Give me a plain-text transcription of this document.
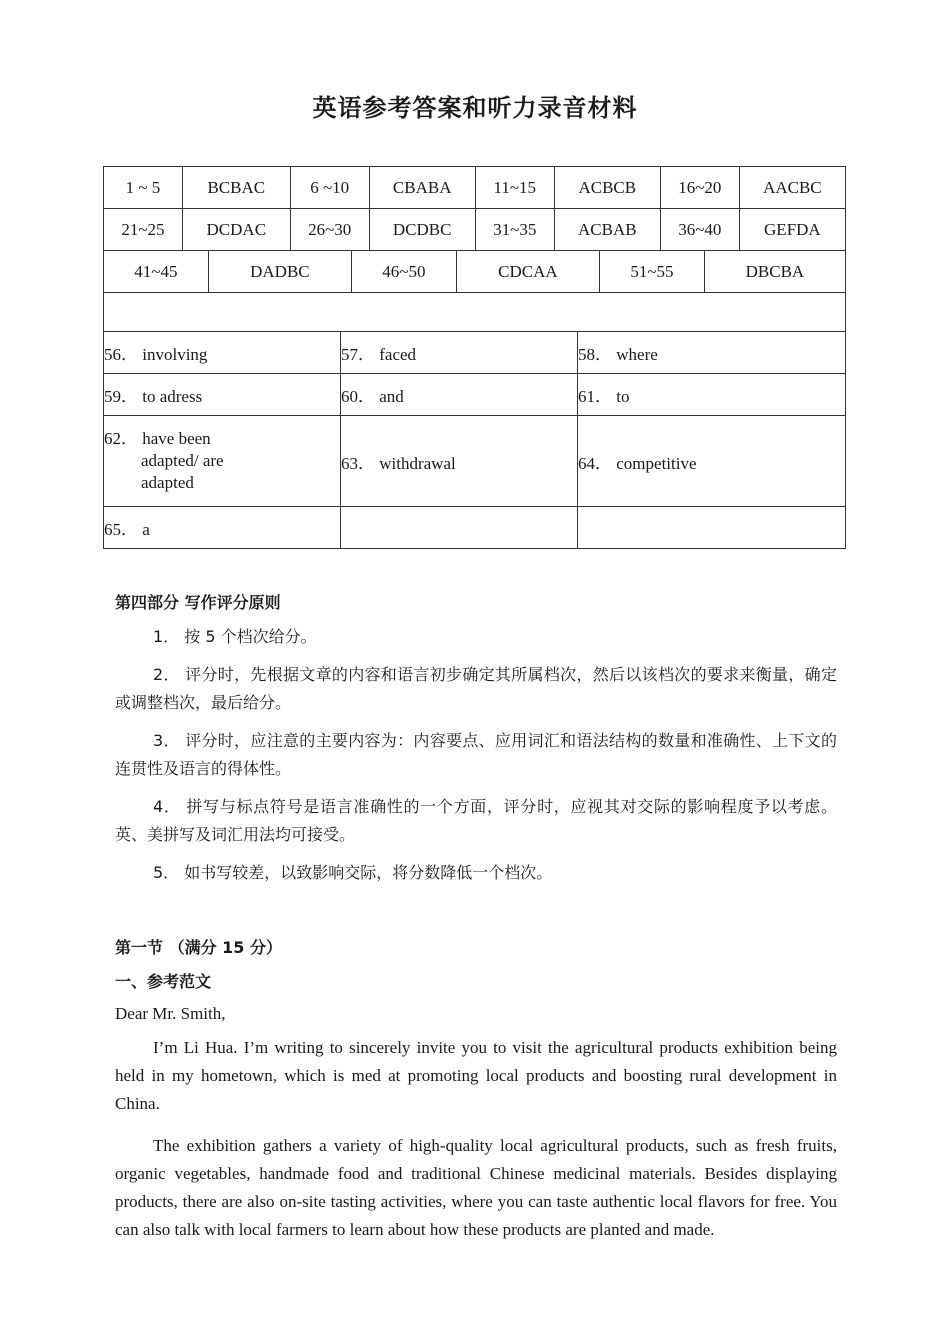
英语参考答案和听力录音材料
1 ~ 5	BCBAC	6 ~10	CBABA	11~15	ACBCB	16~20	AACBC
21~25	DCDAC	26~30	DCDBC	31~35	ACBAB	36~40	GEFDA
41~45	DADBC	46~50	CDCAA	51~55	DBCBA

56． involving	57． faced	58． where
59． to adress	60． and	61． to

62． have been
adapted/ are
adapted	63． withdrawal	64． competitive
65． a		

第四部分 写作评分原则

1． 按 5 个档次给分。

2． 评分时，先根据文章的内容和语言初步确定其所属档次，然后以该档次的要求来衡量，确定或调整档次，最后给分。

3． 评分时，应注意的主要内容为：内容要点、应用词汇和语法结构的数量和准确性、上下文的连贯性及语言的得体性。

4． 拼写与标点符号是语言准确性的一个方面，评分时，应视其对交际的影响程度予以考虑。英、美拼写及词汇用法均可接受。

5． 如书写较差，以致影响交际，将分数降低一个档次。

第一节 （满分 15 分）

一、参考范文

Dear Mr. Smith,

I’m Li Hua. I’m writing to sincerely invite you to visit the agricultural products exhibition being held in my hometown, which is med at promoting local products and boosting rural development in China.

The exhibition gathers a variety of high-quality local agricultural products, such as fresh fruits, organic vegetables, handmade food and traditional Chinese medicinal materials. Besides displaying products, there are also on-site tasting activities, where you can taste authentic local flavors for free. You can also talk with local farmers to learn about how these products are planted and made.
